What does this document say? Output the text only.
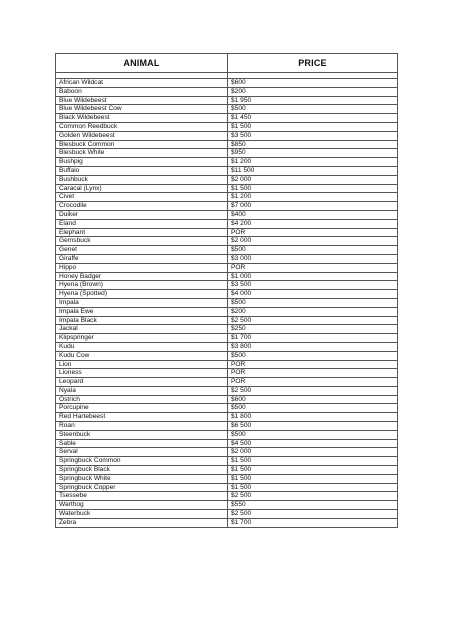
ANIMAL	PRICE

African Wildcat	$600
Baboon	$200
Blue Wildebeest	$1 950
Blue Wildebeest Cow	$500
Black Wildebeest	$1 450
Common Reedbuck	$1 500
Golden Wildebeest	$3 500
Blesbuck Common	$850
Blesbuck White	$950
Bushpig	$1 200
Buffalo	$11 500
Bushbuck	$2 000
Caracal (Lynx)	$1 500
Civet	$1 200
Crocodile	$7 000
Duiker	$400
Eland	$4 200
Elephant	POR
Gemsbuck	$2 000
Genet	$500
Giraffe	$3 000
Hippo	POR
Honey Badger	$1 000
Hyena (Brown)	$3 500
Hyena (Spotted)	$4 000
Impala	$500
Impala Ewe	$200
Impala Black	$2 500
Jackal	$250
Klipspringer	$1 700
Kudu	$3 800
Kudu Cow	$500
Lion	POR
Lioness	POR
Leopard	POR
Nyala	$2 500
Ostrich	$600
Porcupine	$500
Red Hartebeest	$1 800
Roan	$6 500
Steenbuck	$500
Sable	$4 500
Serval	$2 000
Springbuck Common	$1 500
Springbuck Black	$1 500
Springbuck White	$1 500
Springbuck Copper	$1 500
Tsessebe	$2 500
Warthog	$550
Waterbuck	$2 500
Zebra	$1 700
